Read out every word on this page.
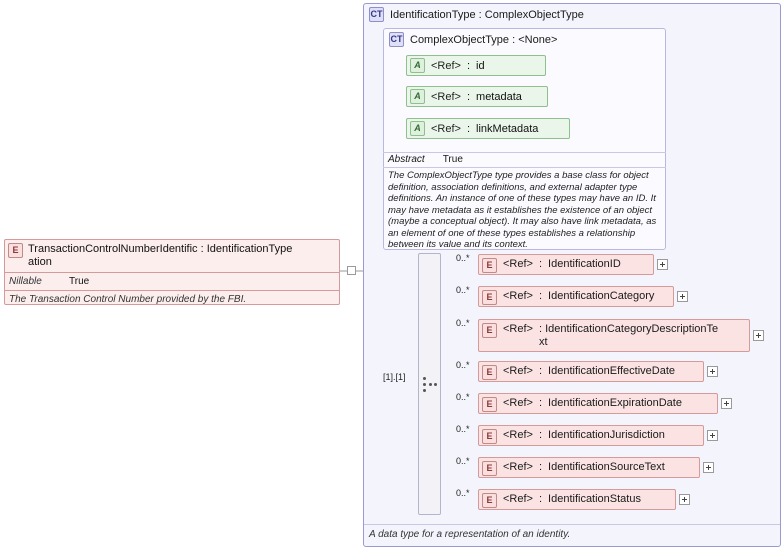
E TransactionControlNumberIdentific : IdentificationType
ation
Nillable	True
The Transaction Control Number provided by the FBI.
CT IdentificationType : ComplexObjectType
CT ComplexObjectType : <None>
A <Ref> : id
A <Ref> : metadata
A <Ref> : linkMetadata
Abstract True
The ComplexObjectType type provides a base class for object definition, association definitions, and external adapter type definitions. An instance of one of these types may have an ID. It may have metadata as it establishes the existence of an object (maybe a conceptual object). It may also have link metadata, as an element of one of these types establishes a relationship between its value and its context.
[1].[1]
0..*
E <Ref> : IdentificationID
0..*
E <Ref> : IdentificationCategory
0..*
E <Ref> : IdentificationCategoryDescriptionTe
xt
0..*
E <Ref> : IdentificationEffectiveDate
0..*
E <Ref> : IdentificationExpirationDate
0..*
E <Ref> : IdentificationJurisdiction
0..*
E <Ref> : IdentificationSourceText
0..*
E <Ref> : IdentificationStatus
A data type for a representation of an identity.
